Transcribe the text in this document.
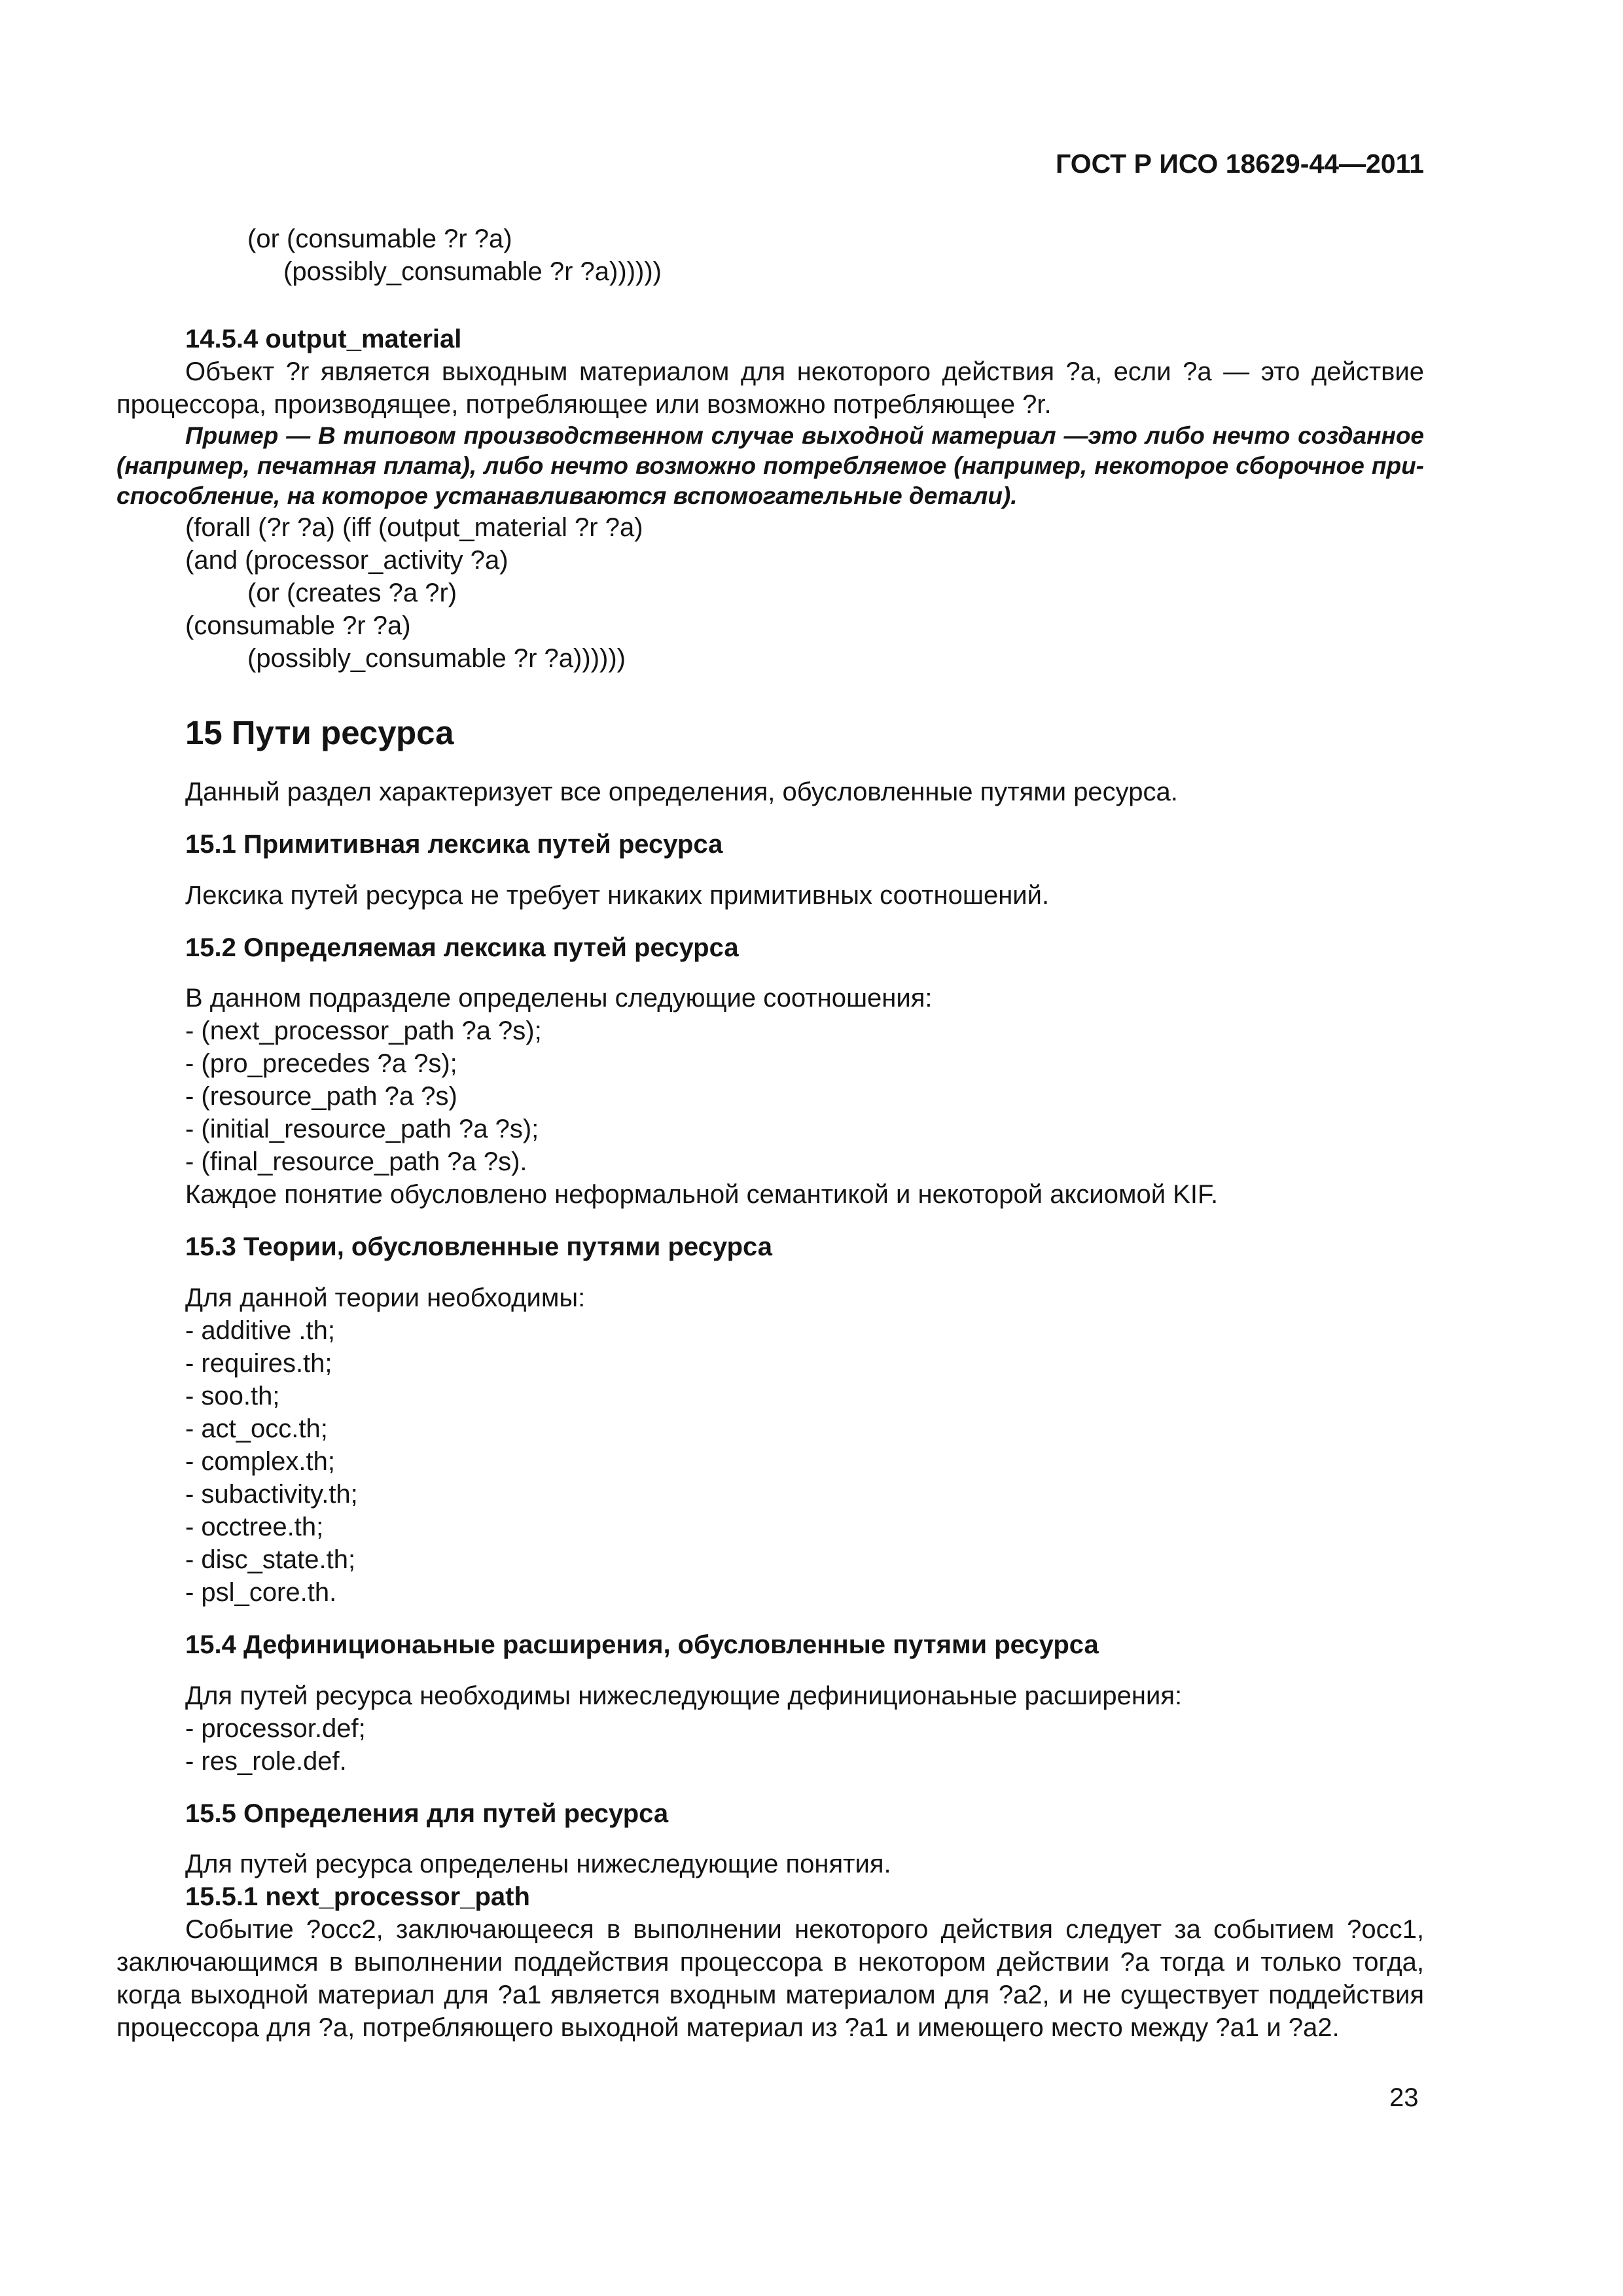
ГОСТ Р ИСО 18629-44—2011
(or (consumable ?r ?a)
(possibly_consumable ?r ?a))))))
14.5.4 output_material
Объект ?r является выходным материалом для некоторого действия ?a, если ?a — это действие
процессора, производящее, потребляющее или возможно потребляющее ?r.
Пример — В типовом производственном случае выходной материал —это либо нечто созданное
(например, печатная плата), либо нечто возможно потребляемое (например, некоторое сборочное при-
способление, на которое устанавливаются вспомогательные детали).
(forall (?r ?a) (iff (output_material ?r ?a)
(and (processor_activity ?a)
(or (creates ?a ?r)
(consumable ?r ?a)
(possibly_consumable ?r ?a))))))
15 Пути ресурса
Данный раздел характеризует все определения, обусловленные путями ресурса.
15.1 Примитивная лексика путей ресурса
Лексика путей ресурса не требует никаких примитивных соотношений.
15.2 Определяемая лексика путей ресурса
В данном подразделе определены следующие соотношения:
- (next_processor_path ?a ?s);
- (pro_precedes ?a ?s);
- (resource_path ?a ?s)
- (initial_resource_path ?a ?s);
- (final_resource_path ?a ?s).
Каждое понятие обусловлено неформальной семантикой и некоторой аксиомой KIF.
15.3 Теории, обусловленные путями ресурса
Для данной теории необходимы:
- additive .th;
- requires.th;
- soo.th;
- act_occ.th;
- complex.th;
- subactivity.th;
- occtree.th;
- disc_state.th;
- psl_core.th.
15.4 Дефиниционаьные расширения, обусловленные путями ресурса
Для путей ресурса необходимы нижеследующие дефиниционаьные расширения:
- processor.def;
- res_role.def.
15.5 Определения для путей ресурса
Для путей ресурса определены нижеследующие понятия.
15.5.1 next_processor_path
Событие ?occ2, заключающееся в выполнении некоторого действия следует за событием ?occ1,
заключающимся в выполнении поддействия процессора в некотором действии ?a тогда и только тогда,
когда выходной материал для ?a1 является входным материалом для ?a2, и не существует поддействия
процессора для ?a, потребляющего выходной материал из ?a1 и имеющего место между ?a1 и ?a2.
23
